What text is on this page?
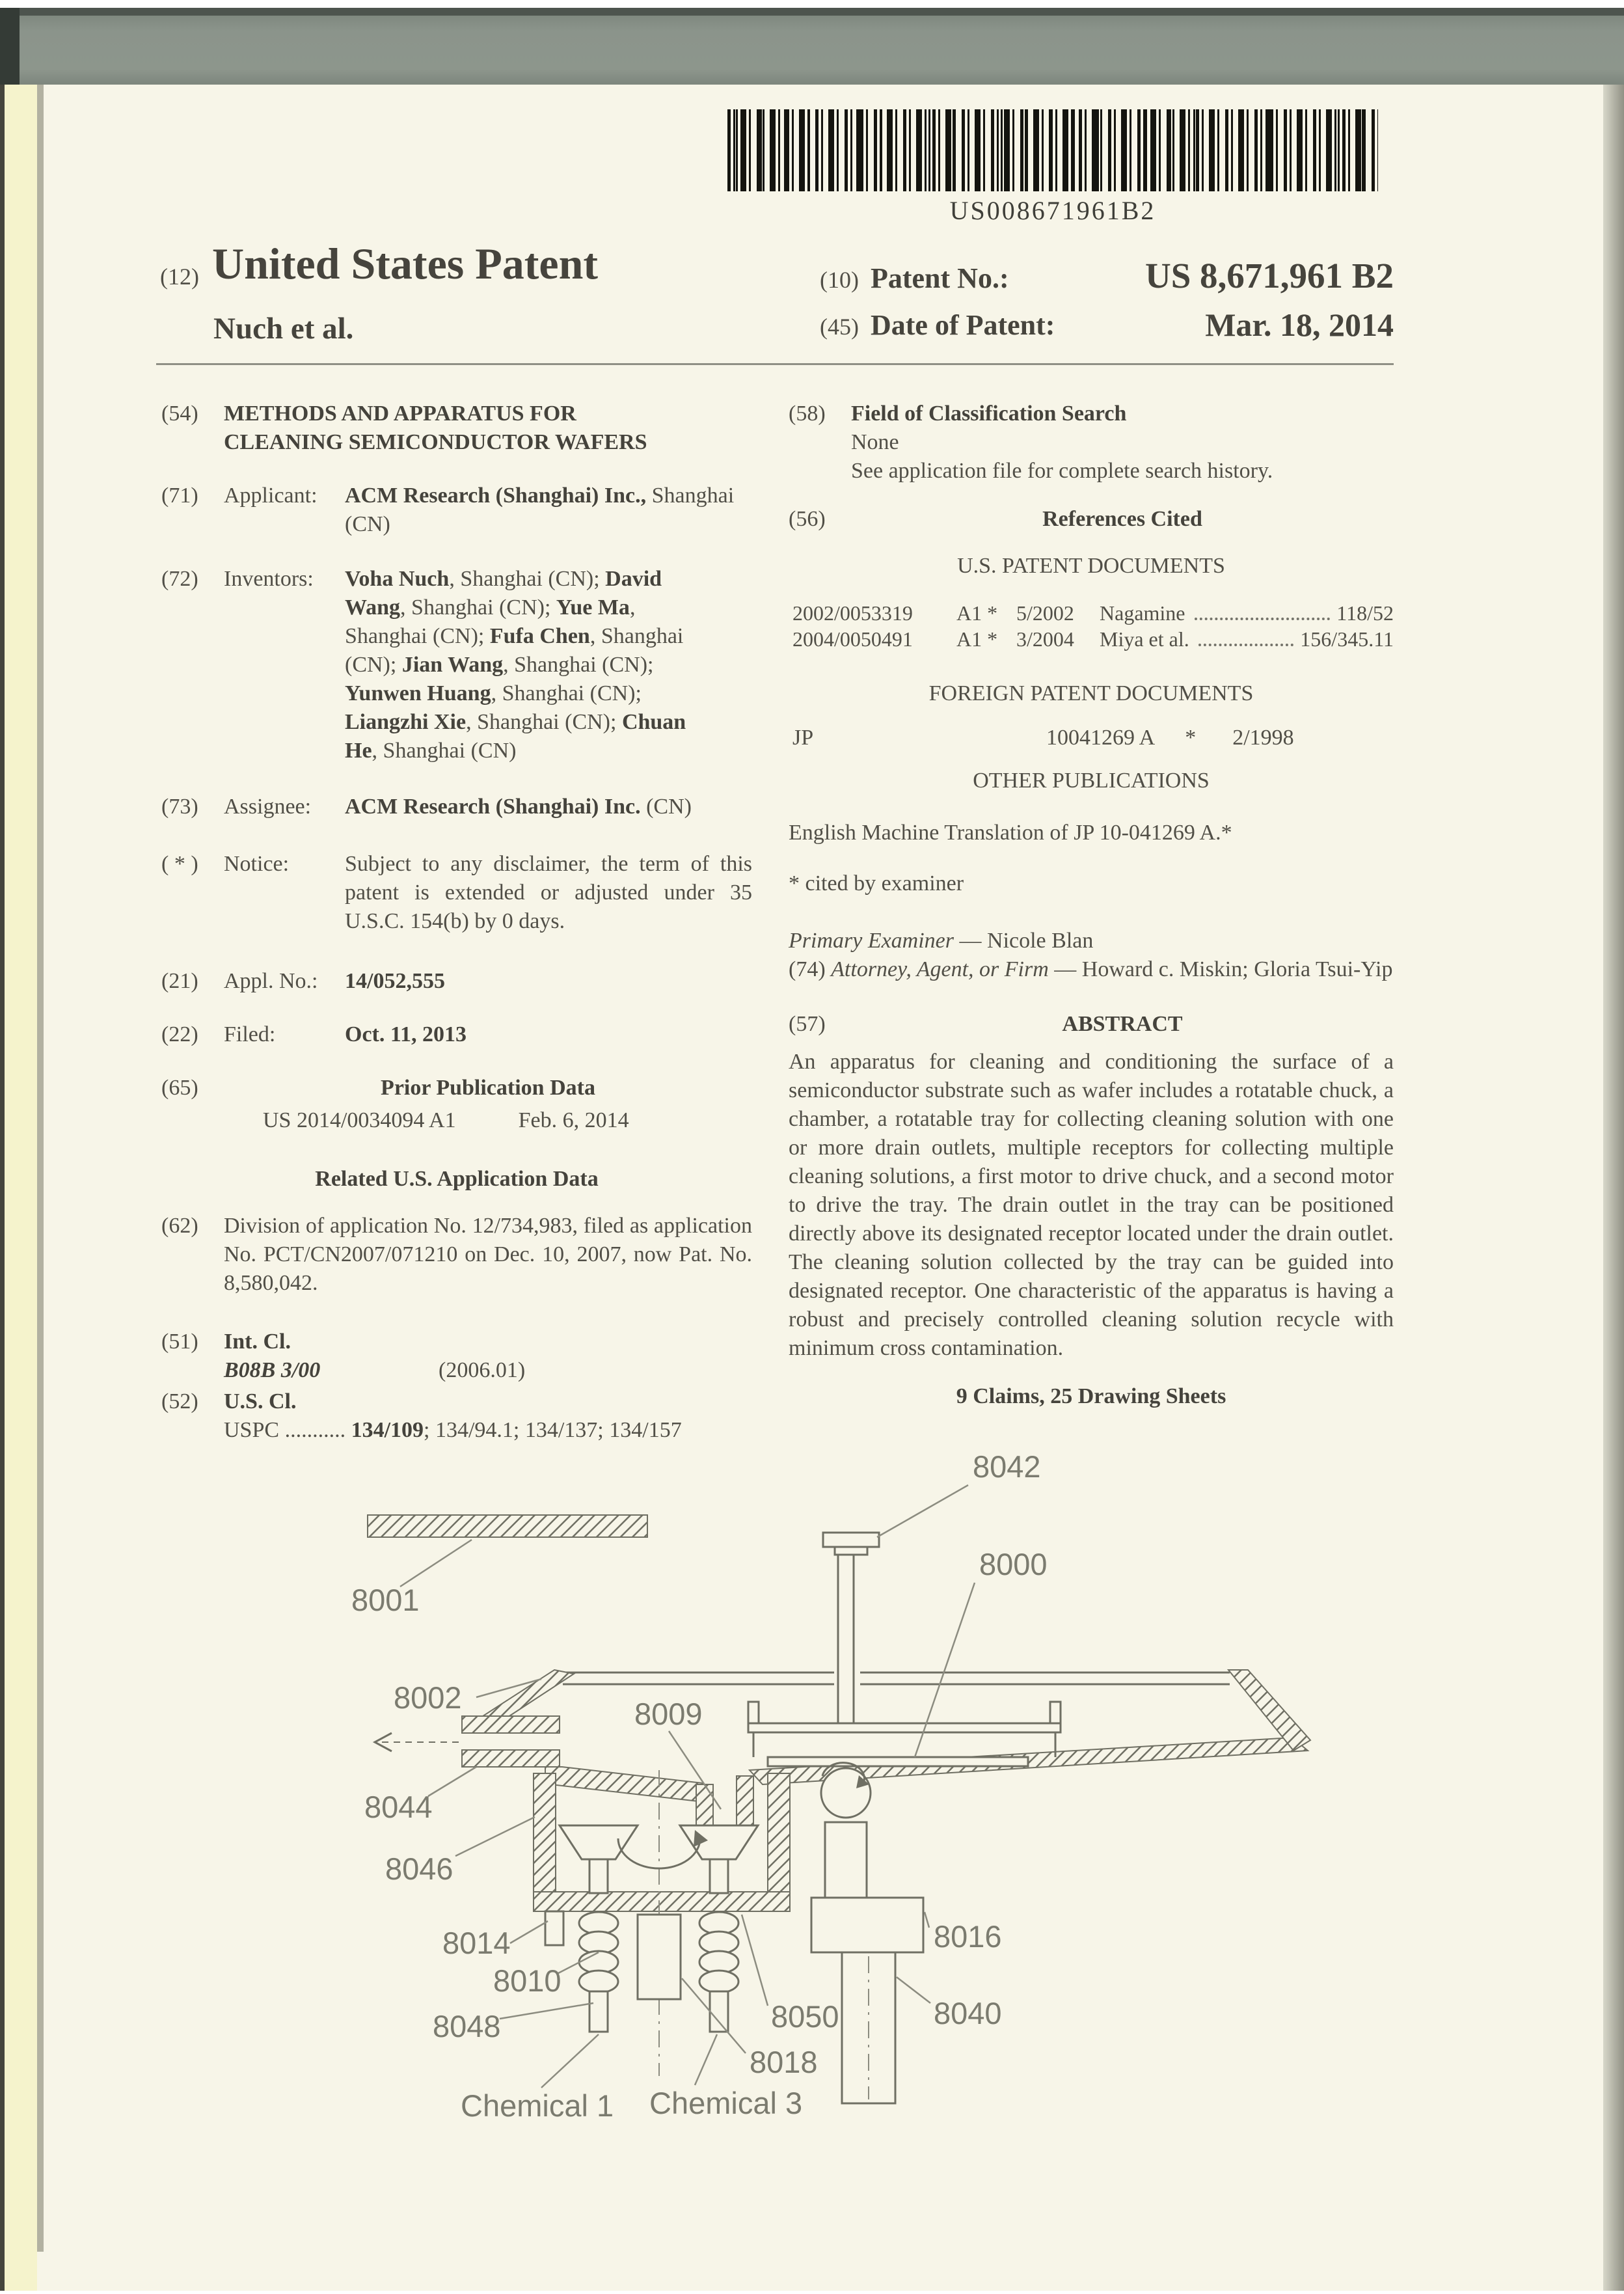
US008671961B2
(12) United States Patent
Nuch et al.
(10) Patent No.:	US 8,671,961 B2
(45) Date of Patent:	Mar. 18, 2014
(54)	METHODS AND APPARATUS FOR
CLEANING SEMICONDUCTOR WAFERS
(71)	Applicant:	ACM Research (Shanghai) Inc., Shanghai (CN)
(72)	Inventors:	Voha Nuch, Shanghai (CN); David Wang, Shanghai (CN); Yue Ma, Shanghai (CN); Fufa Chen, Shanghai (CN); Jian Wang, Shanghai (CN); Yunwen Huang, Shanghai (CN); Liangzhi Xie, Shanghai (CN); Chuan He, Shanghai (CN)
(73)	Assignee:	ACM Research (Shanghai) Inc. (CN)
( * )	Notice:	Subject to any disclaimer, the term of this patent is extended or adjusted under 35 U.S.C. 154(b) by 0 days.
(21)	Appl. No.:	14/052,555
(22)	Filed:	Oct. 11, 2013
(65)	Prior Publication Data
US 2014/0034094 A1	Feb. 6, 2014
Related U.S. Application Data
(62)	Division of application No. 12/734,983, filed as application No. PCT/CN2007/071210 on Dec. 10, 2007, now Pat. No. 8,580,042.
(51)	Int. Cl.
B08B 3/00	(2006.01)
(52)	U.S. Cl.
USPC ........... 134/109; 134/94.1; 134/137; 134/157
(58)	Field of Classification Search
None
See application file for complete search history.
(56)	References Cited
U.S. PATENT DOCUMENTS
2002/0053319	A1 * 5/2002	Nagamine	118/52
2004/0050491	A1 * 3/2004	Miya et al.	156/345.11
FOREIGN PATENT DOCUMENTS
JP	10041269 A * 2/1998
OTHER PUBLICATIONS
English Machine Translation of JP 10-041269 A.*
* cited by examiner
Primary Examiner — Nicole Blan
(74) Attorney, Agent, or Firm — Howard c. Miskin; Gloria Tsui-Yip
(57)	ABSTRACT
An apparatus for cleaning and conditioning the surface of a semiconductor substrate such as wafer includes a rotatable chuck, a chamber, a rotatable tray for collecting cleaning solution with one or more drain outlets, multiple receptors for collecting multiple cleaning solutions, a first motor to drive chuck, and a second motor to drive the tray. The drain outlet in the tray can be positioned directly above its designated receptor located under the drain outlet. The cleaning solution collected by the tray can be guided into designated receptor. One characteristic of the apparatus is having a robust and precisely controlled cleaning solution recycle with minimum cross contamination.
9 Claims, 25 Drawing Sheets
8042
8000
8001
8002	8009
8044
8046
8014
8010
8048
8018
8050	8040
8016
Chemical 1 Chemical 3
